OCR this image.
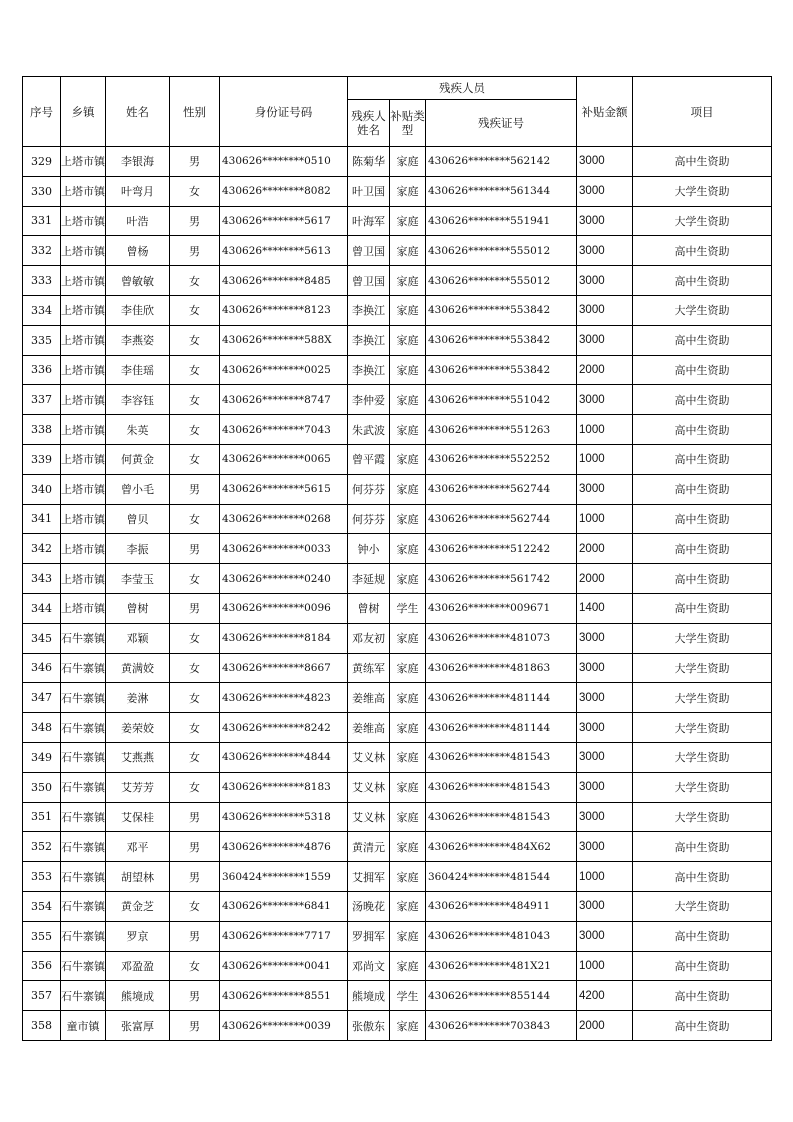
序号	乡镇	姓名	性别	身份证号码	残疾人员			补贴金额	项目
					残疾人姓名	补贴类型	残疾证号		
329	上塔市镇	李银海	男	430626********0510	陈菊华	家庭	430626********562142	3000	高中生资助
330	上塔市镇	叶弯月	女	430626********8082	叶卫国	家庭	430626********561344	3000	大学生资助
331	上塔市镇	叶浩	男	430626********5617	叶海军	家庭	430626********551941	3000	大学生资助
332	上塔市镇	曾杨	男	430626********5613	曾卫国	家庭	430626********555012	3000	高中生资助
333	上塔市镇	曾敏敏	女	430626********8485	曾卫国	家庭	430626********555012	3000	高中生资助
334	上塔市镇	李佳欣	女	430626********8123	李换江	家庭	430626********553842	3000	大学生资助
335	上塔市镇	李燕姿	女	430626********588X	李换江	家庭	430626********553842	3000	高中生资助
336	上塔市镇	李佳瑶	女	430626********0025	李换江	家庭	430626********553842	2000	高中生资助
337	上塔市镇	李容钰	女	430626********8747	李仲爱	家庭	430626********551042	3000	高中生资助
338	上塔市镇	朱英	女	430626********7043	朱武波	家庭	430626********551263	1000	高中生资助
339	上塔市镇	何黄金	女	430626********0065	曾平霞	家庭	430626********552252	1000	高中生资助
340	上塔市镇	曾小毛	男	430626********5615	何芬芬	家庭	430626********562744	3000	高中生资助
341	上塔市镇	曾贝	女	430626********0268	何芬芬	家庭	430626********562744	1000	高中生资助
342	上塔市镇	李振	男	430626********0033	钟小	家庭	430626********512242	2000	高中生资助
343	上塔市镇	李莹玉	女	430626********0240	李延规	家庭	430626********561742	2000	高中生资助
344	上塔市镇	曾树	男	430626********0096	曾树	学生	430626********009671	1400	高中生资助
345	石牛寨镇	邓颖	女	430626********8184	邓友初	家庭	430626********481073	3000	大学生资助
346	石牛寨镇	黄满姣	女	430626********8667	黄练军	家庭	430626********481863	3000	大学生资助
347	石牛寨镇	姜淋	女	430626********4823	姜维高	家庭	430626********481144	3000	大学生资助
348	石牛寨镇	姜荣姣	女	430626********8242	姜维高	家庭	430626********481144	3000	大学生资助
349	石牛寨镇	艾燕燕	女	430626********4844	艾义林	家庭	430626********481543	3000	大学生资助
350	石牛寨镇	艾芳芳	女	430626********8183	艾义林	家庭	430626********481543	3000	大学生资助
351	石牛寨镇	艾保桂	男	430626********5318	艾义林	家庭	430626********481543	3000	大学生资助
352	石牛寨镇	邓平	男	430626********4876	黄清元	家庭	430626********484X62	3000	高中生资助
353	石牛寨镇	胡望林	男	360424********1559	艾拥军	家庭	360424********481544	1000	高中生资助
354	石牛寨镇	黄金芝	女	430626********6841	汤晚花	家庭	430626********484911	3000	大学生资助
355	石牛寨镇	罗京	男	430626********7717	罗拥军	家庭	430626********481043	3000	高中生资助
356	石牛寨镇	邓盈盈	女	430626********0041	邓尚文	家庭	430626********481X21	1000	高中生资助
357	石牛寨镇	熊境成	男	430626********8551	熊境成	学生	430626********855144	4200	高中生资助
358	童市镇	张富厚	男	430626********0039	张傲东	家庭	430626********703843	2000	高中生资助
